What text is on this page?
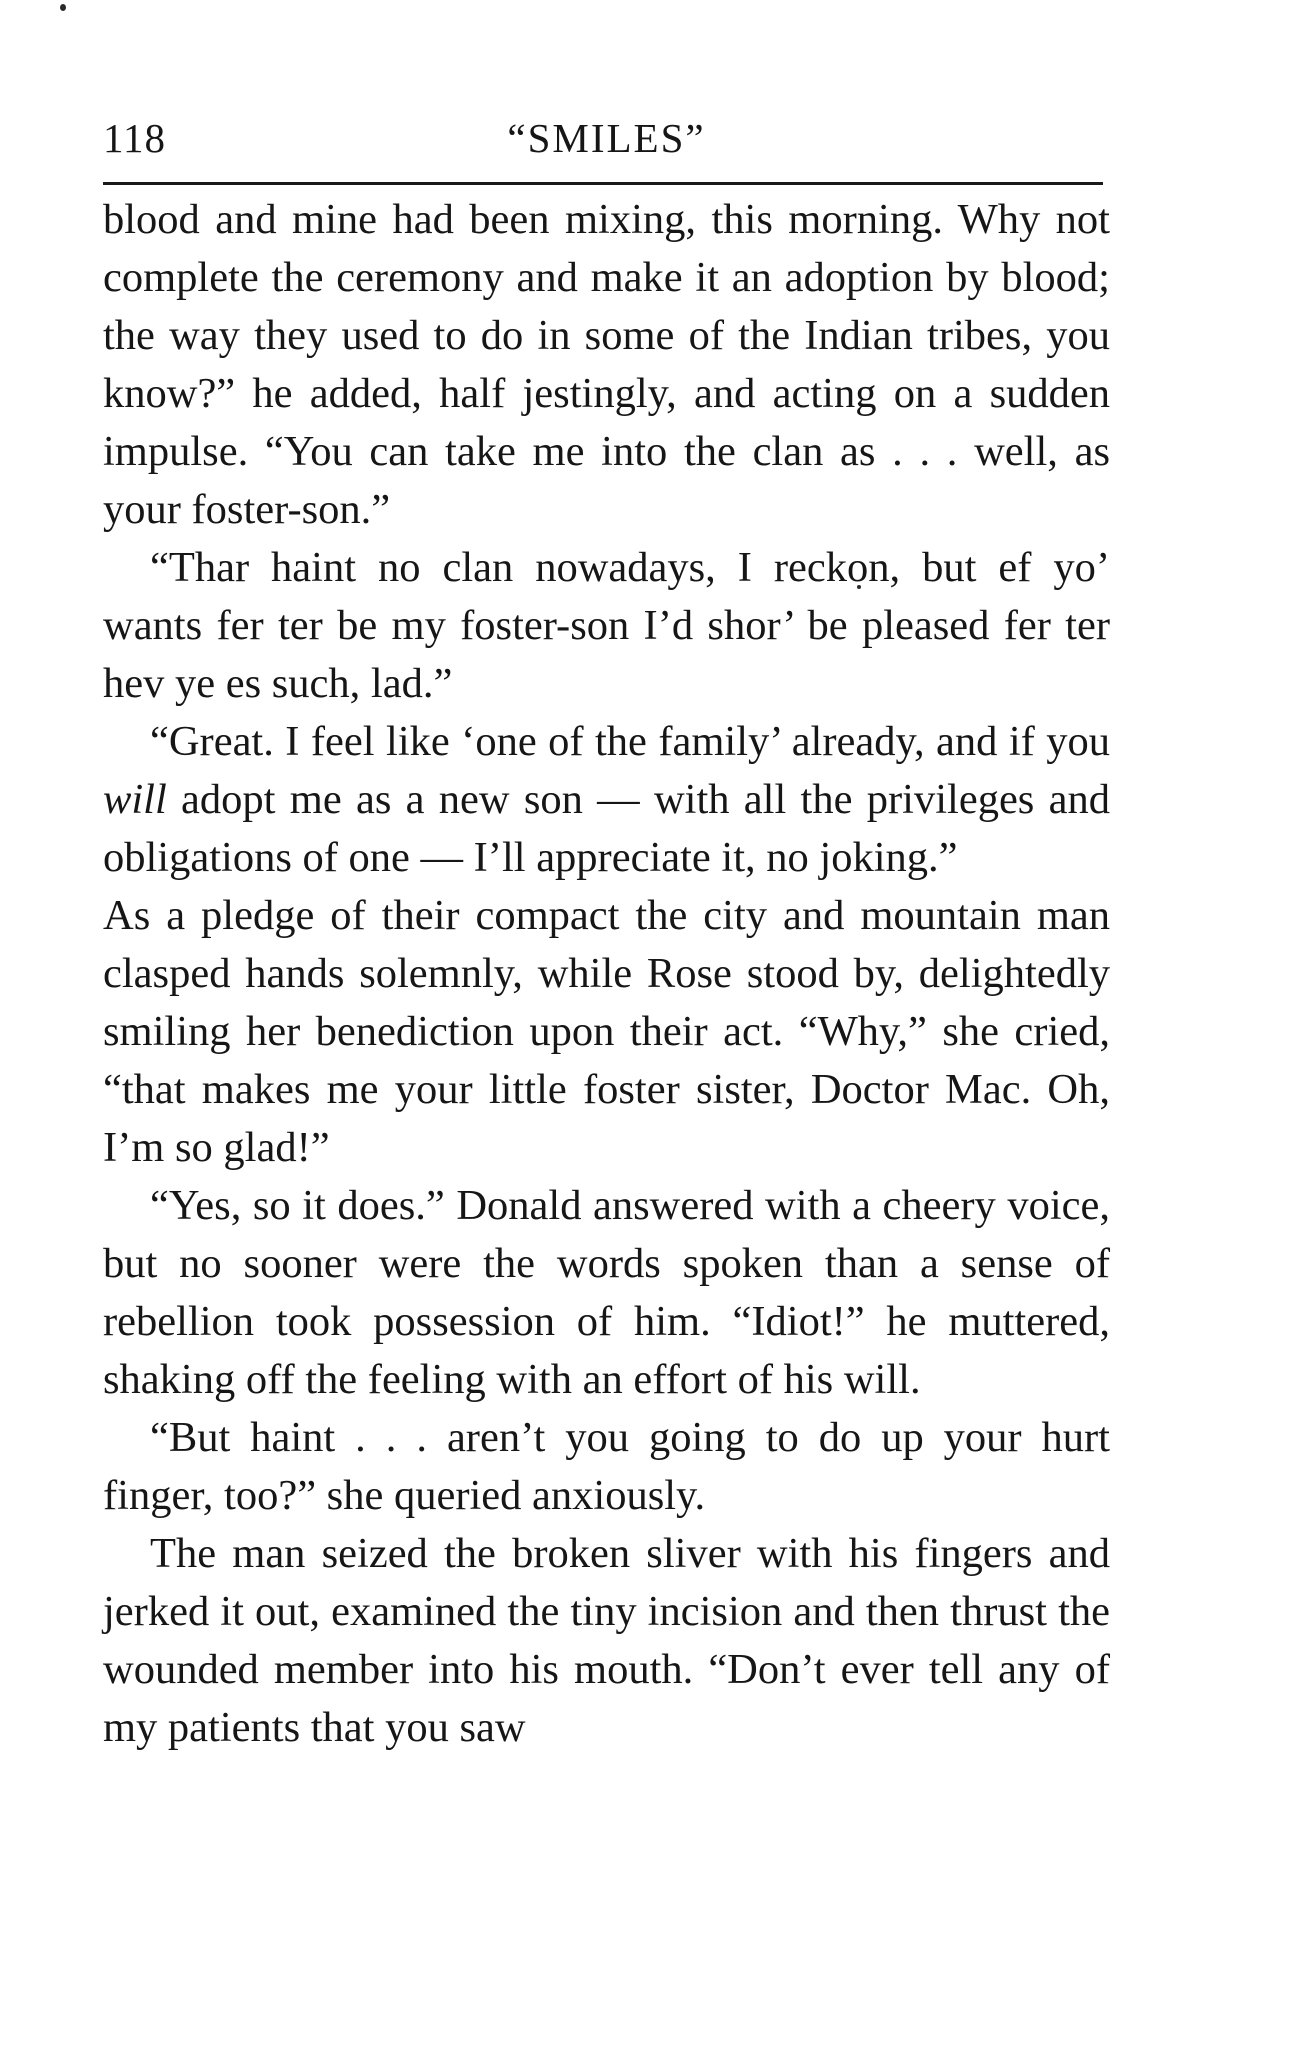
118	“SMILES”

blood and mine had been mixing, this morning. Why not complete the ceremony and make it an adoption by blood; the way they used to do in some of the Indian tribes, you know?” he added, half jestingly, and acting on a sudden impulse. “You can take me into the clan as . . . well, as your foster-son.”

“Thar haint no clan nowadays, I reckon, but ef yo’ wants fer ter be my foster-son I’d shor’ be pleased fer ter hev ye es such, lad.”

“Great. I feel like ‘one of the family’ already, and if you will adopt me as a new son — with all the privileges and obligations of one — I’ll appreciate it, no joking.”

As a pledge of their compact the city and mountain man clasped hands solemnly, while Rose stood by, delightedly smiling her benediction upon their act. “Why,” she cried, “that makes me your little foster sister, Doctor Mac. Oh, I’m so glad!”

“Yes, so it does.” Donald answered with a cheery voice, but no sooner were the words spoken than a sense of rebellion took possession of him. “Idiot!” he muttered, shaking off the feeling with an effort of his will.

“But haint . . . aren’t you going to do up your hurt finger, too?” she queried anxiously.

The man seized the broken sliver with his fingers and jerked it out, examined the tiny incision and then thrust the wounded member into his mouth. “Don’t ever tell any of my patients that you saw
